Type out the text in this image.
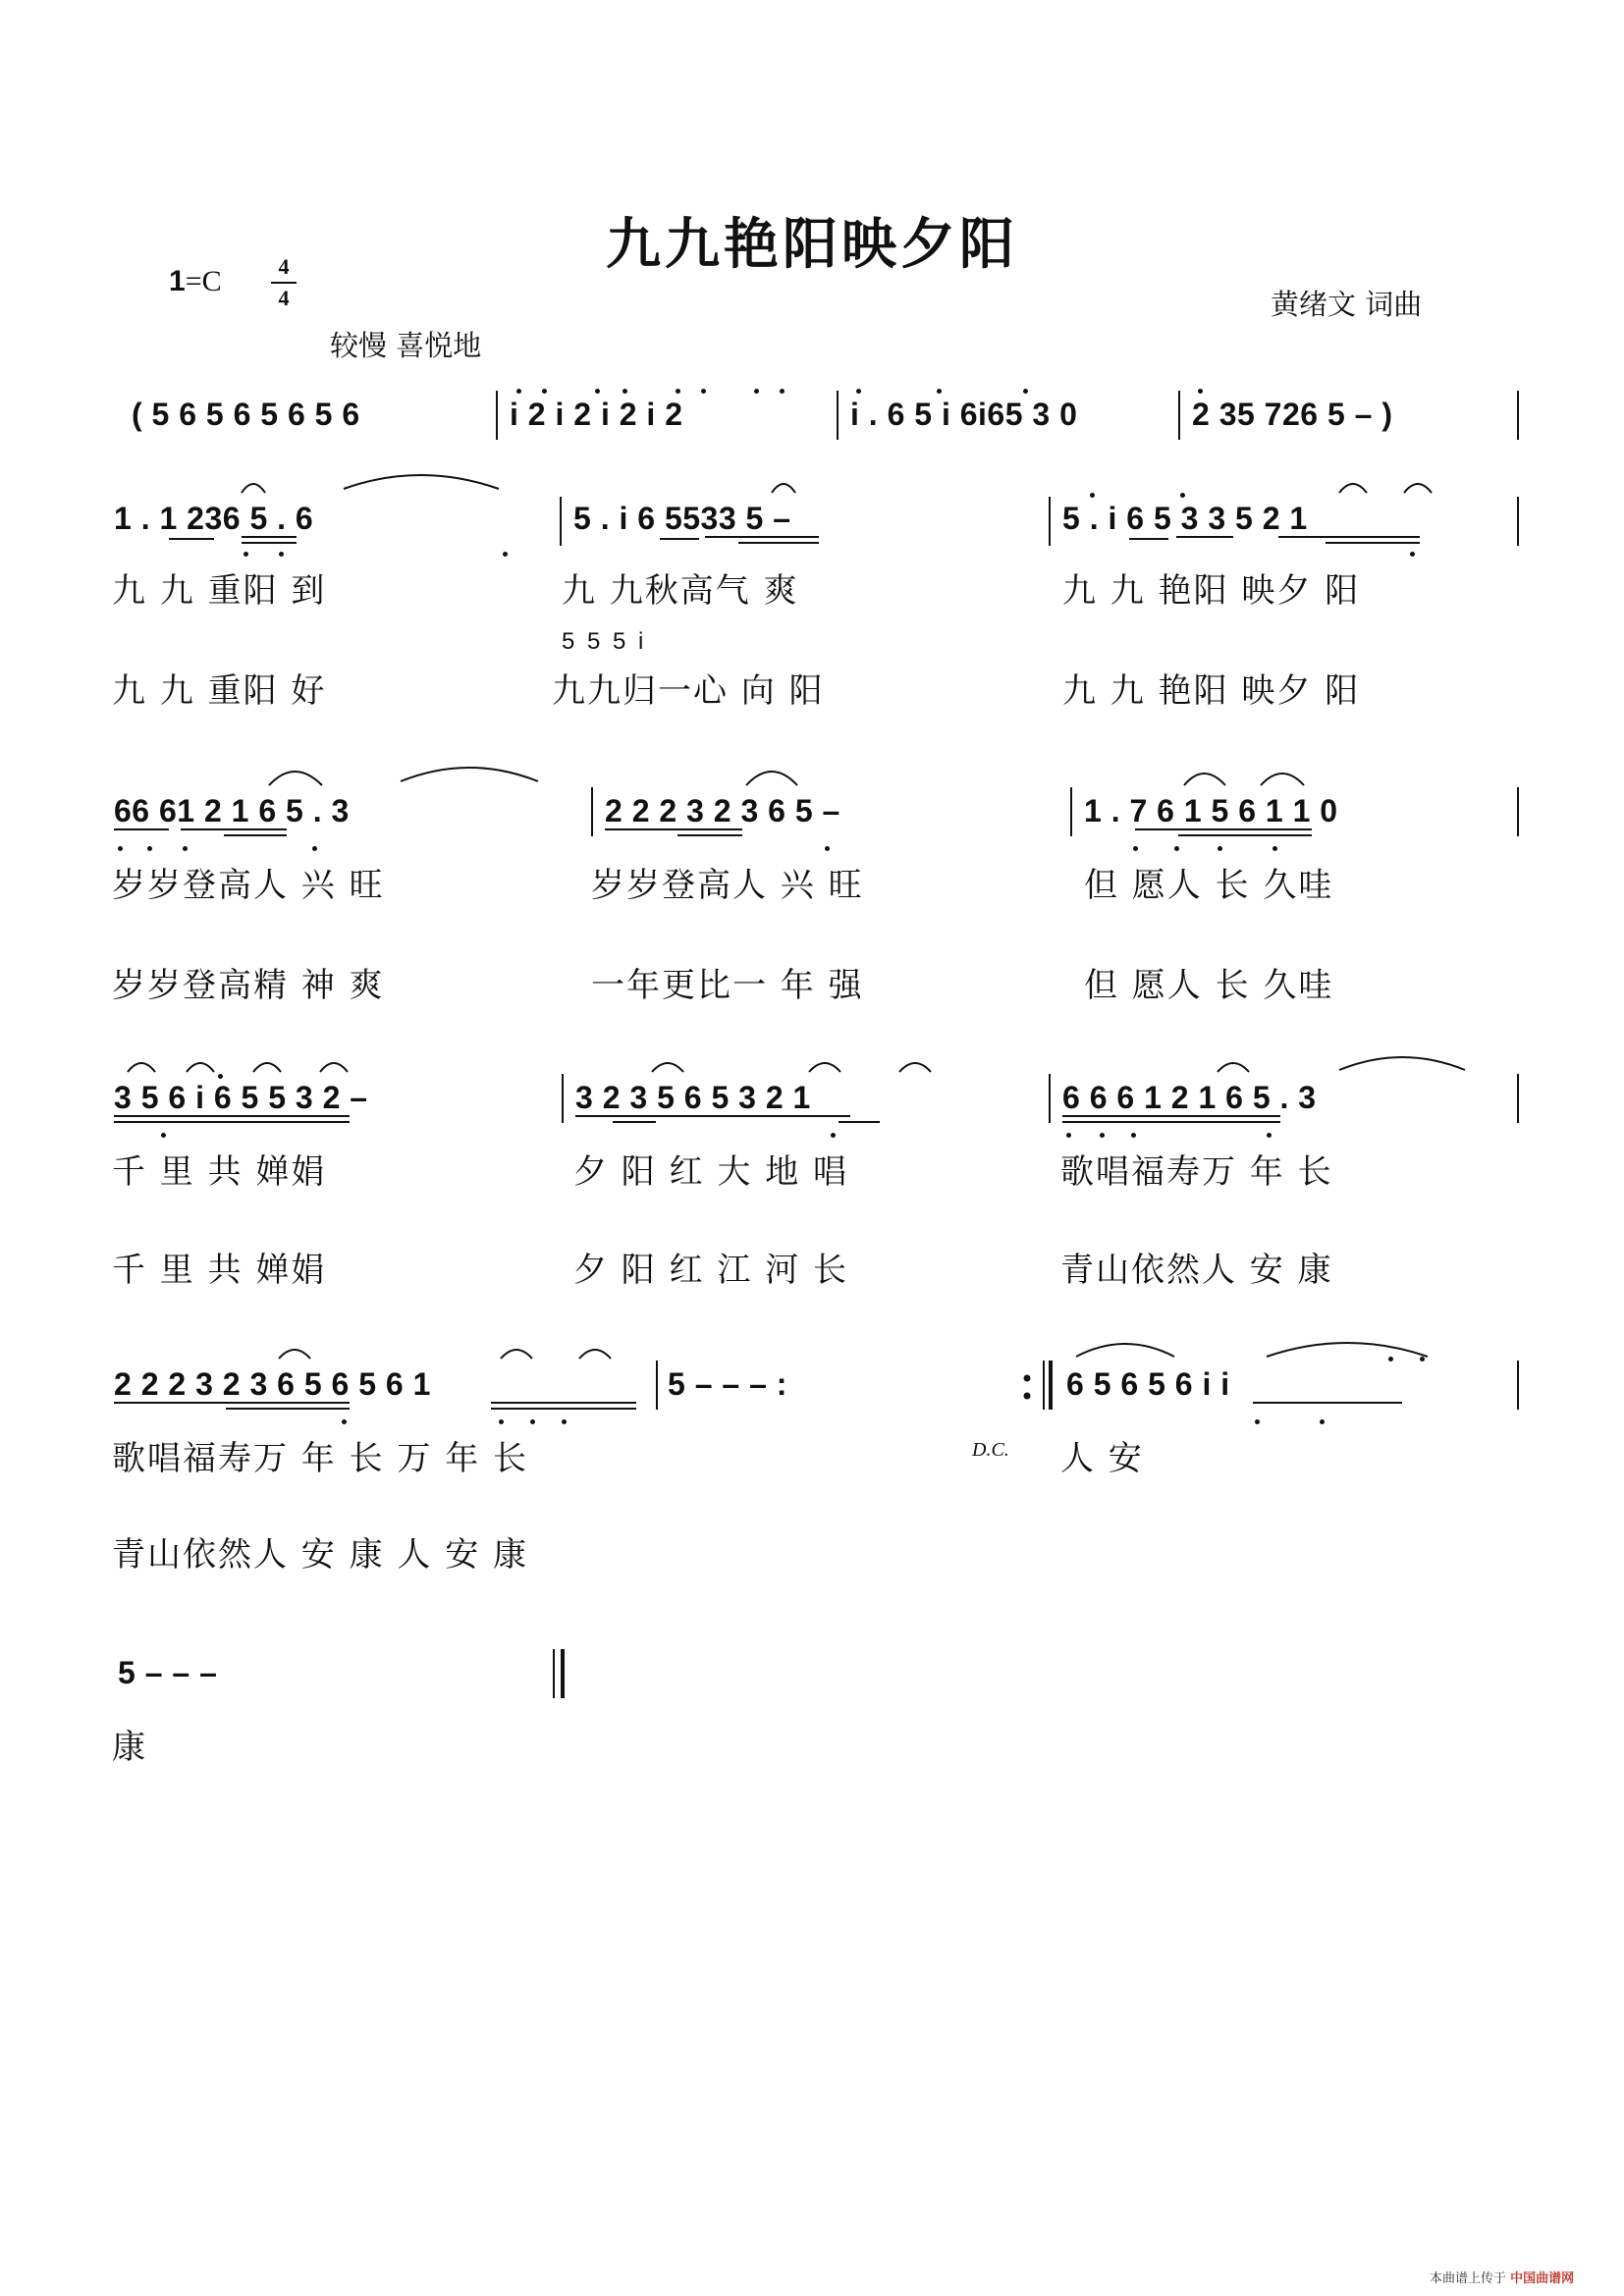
九九艳阳映夕阳
1=C	4
4
较慢 喜悦地
黄绪文 词曲
( 5 6 5 6 5 6 5 6	i 2 i 2 i 2 i 2	i . 6 5 i 6i65 3 0	2 35 726 5 – )
1 . 1 236 5 . 6	5 . i 6 5533 5 –	5 . i 6 5 3 3 5 2 1
九 九 重阳 到	九 九秋高气 爽	九 九 艳阳 映夕 阳
5 5 5 i
九 九 重阳 好	九九归一心 向 阳	九 九 艳阳 映夕 阳
66 61 2 1 6 5 . 3	2 2 2 3 2 3 6 5 –	1 . 7 6 1 5 6 1 1 0
岁岁登高人 兴 旺	岁岁登高人 兴 旺	但 愿人 长 久哇
岁岁登高精 神 爽	一年更比一 年 强	但 愿人 长 久哇
3 5 6 i 6 5 5 3 2 –	3 2 3 5 6 5 3 2 1	6 6 6 1 2 1 6 5 . 3
千 里 共 婵娟	夕 阳 红 大 地 唱	歌唱福寿万 年 长
千 里 共 婵娟	夕 阳 红 江 河 长	青山依然人 安 康
2 2 2 3 2 3 6 5 6 5 6 1	5 – – – :	6 5 6 5 6 i i
歌唱福寿万 年 长 万 年 长	D.C. 人 安
青山依然人 安 康 人 安 康
5 – – –
康
本曲谱上传于 中国曲谱网
